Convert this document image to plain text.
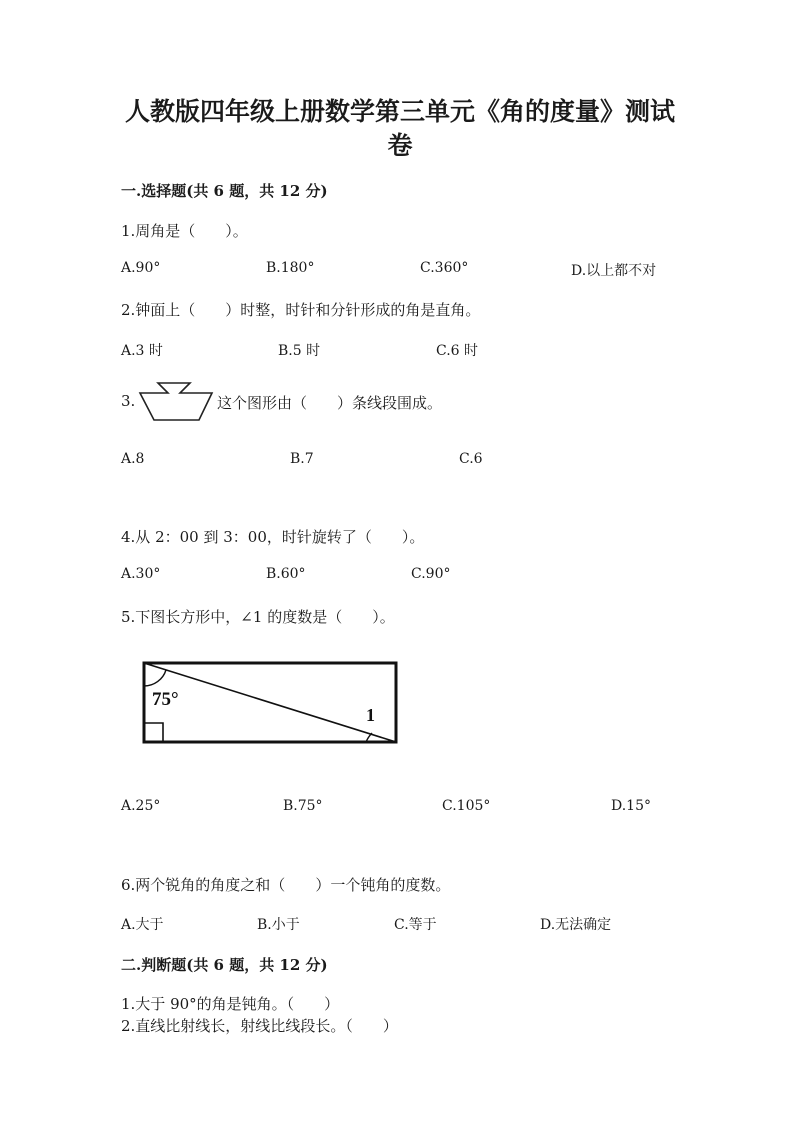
人教版四年级上册数学第三单元《角的度量》测试
卷
一.选择题(共 6 题，共 12 分)
1.周角是（　　）。
A.90°	B.180°	C.360°	D.以上都不对
2.钟面上（　　）时整，时针和分针形成的角是直角。
A.3 时	B.5 时	C.6 时
3.	这个图形由（　　）条线段围成。
A.8	B.7	C.6
4.从 2：00 到 3：00，时针旋转了（　　）。
A.30°	B.60°	C.90°
5.下图长方形中，∠1 的度数是（　　）。
75°
1
A.25°	B.75°	C.105°	D.15°
6.两个锐角的角度之和（　　）一个钝角的度数。
A.大于	B.小于	C.等于	D.无法确定
二.判断题(共 6 题，共 12 分)
1.大于 90°的角是钝角。（　　）
2.直线比射线长，射线比线段长。（　　）
